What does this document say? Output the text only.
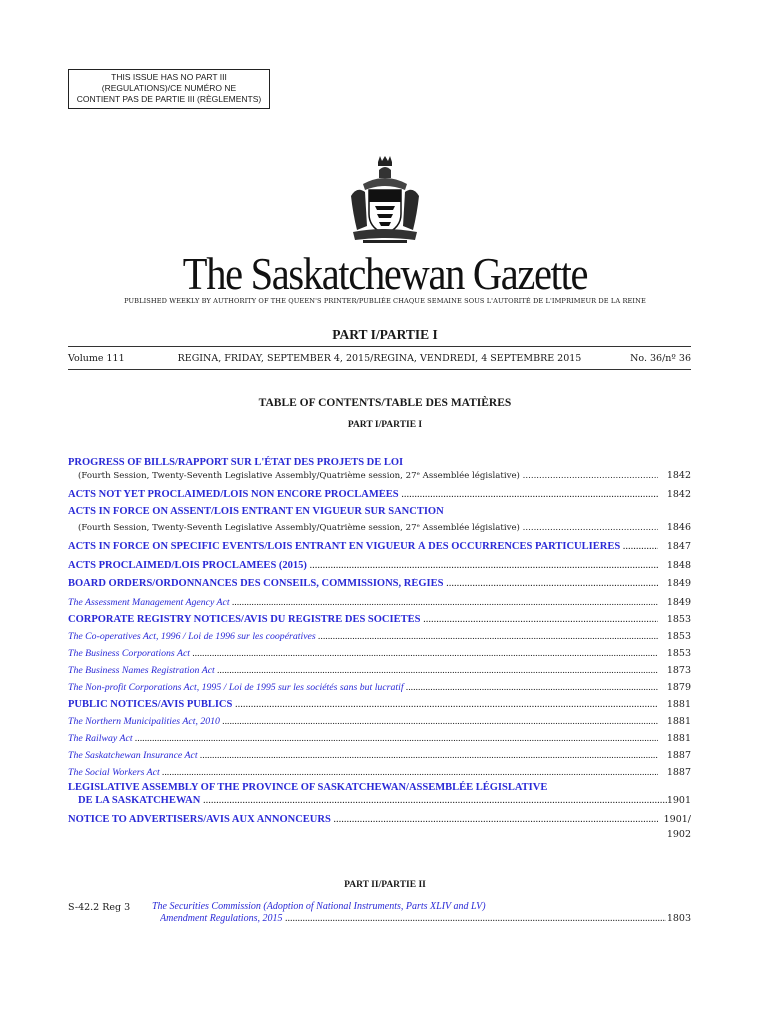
THIS ISSUE HAS NO PART III
(REGULATIONS)/CE NUMÉRO NE
CONTIENT PAS DE PARTIE III (RÈGLEMENTS)
The Saskatchewan Gazette
PUBLISHED WEEKLY BY AUTHORITY OF THE QUEEN'S PRINTER/PUBLIÉE CHAQUE SEMAINE SOUS L'AUTORITÉ DE L'IMPRIMEUR DE LA REINE
PART I/PARTIE I
Volume 111	REGINA, FRIDAY, SEPTEMBER 4, 2015/REGINA, VENDREDI, 4 SEPTEMBRE 2015	No. 36/nº 36
TABLE OF CONTENTS/TABLE DES MATIÈRES
PART I/PARTIE I
PROGRESS OF BILLS/RAPPORT SUR L'ÉTAT DES PROJETS DE LOI
(Fourth Session, Twenty-Seventh Legislative Assembly/Quatrième session, 27ᵉ Assemblée législative) .....	1842
ACTS NOT YET PROCLAIMED/LOIS NON ENCORE PROCLAMÉES .....	1842
ACTS IN FORCE ON ASSENT/LOIS ENTRANT EN VIGUEUR SUR SANCTION
(Fourth Session, Twenty-Seventh Legislative Assembly/Quatrième session, 27ᵉ Assemblée législative) .....	1846
ACTS IN FORCE ON SPECIFIC EVENTS/LOIS ENTRANT EN VIGUEUR À DES OCCURRENCES PARTICULIÈRES .....	1847
ACTS PROCLAIMED/LOIS PROCLAMÉES (2015) .....	1848
BOARD ORDERS/ORDONNANCES DES CONSEILS, COMMISSIONS, RÉGIES .....	1849
The Assessment Management Agency Act .....	1849
CORPORATE REGISTRY NOTICES/AVIS DU REGISTRE DES SOCIÉTÉS .....	1853
The Co-operatives Act, 1996 / Loi de 1996 sur les coopératives .....	1853
The Business Corporations Act .....	1853
The Business Names Registration Act .....	1873
The Non-profit Corporations Act, 1995 / Loi de 1995 sur les sociétés sans but lucratif .....	1879
PUBLIC NOTICES/AVIS PUBLICS .....	1881
The Northern Municipalities Act, 2010 .....	1881
The Railway Act .....	1881
The Saskatchewan Insurance Act .....	1887
The Social Workers Act .....	1887
LEGISLATIVE ASSEMBLY OF THE PROVINCE OF SASKATCHEWAN/ASSEMBLÉE LÉGISLATIVE
DE LA SASKATCHEWAN .....	1901
NOTICE TO ADVERTISERS/AVIS AUX ANNONCEURS .....	1901/
1902
PART II/PARTIE II
S-42.2 Reg 3 The Securities Commission (Adoption of National Instruments, Parts XLIV and LV)
Amendment Regulations, 2015 .....	1803
